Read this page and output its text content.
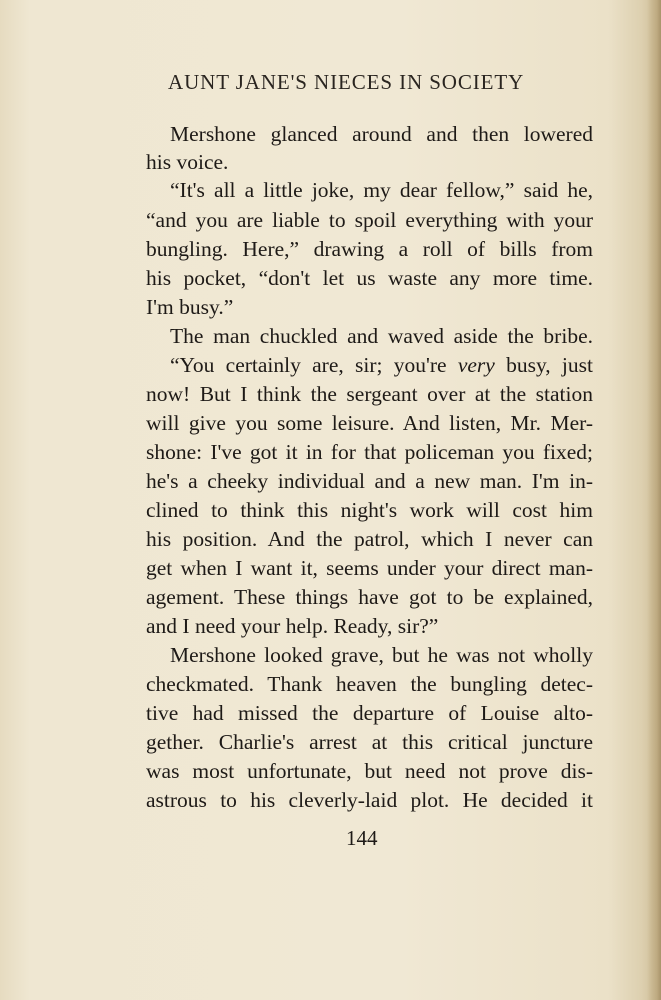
AUNT JANE'S NIECES IN SOCIETY

Mershone glanced around and then lowered

his voice.

“It's all a little joke, my dear fellow,” said he,

“and you are liable to spoil everything with your

bungling. Here,” drawing a roll of bills from

his pocket, “don't let us waste any more time.

I'm busy.”

The man chuckled and waved aside the bribe.

“You certainly are, sir; you're very busy, just

now! But I think the sergeant over at the station

will give you some leisure. And listen, Mr. Mer-

shone: I've got it in for that policeman you fixed;

he's a cheeky individual and a new man. I'm in-

clined to think this night's work will cost him

his position. And the patrol, which I never can

get when I want it, seems under your direct man-

agement. These things have got to be explained,

and I need your help. Ready, sir?”

Mershone looked grave, but he was not wholly

checkmated. Thank heaven the bungling detec-

tive had missed the departure of Louise alto-

gether. Charlie's arrest at this critical juncture

was most unfortunate, but need not prove dis-

astrous to his cleverly-laid plot. He decided it

144
